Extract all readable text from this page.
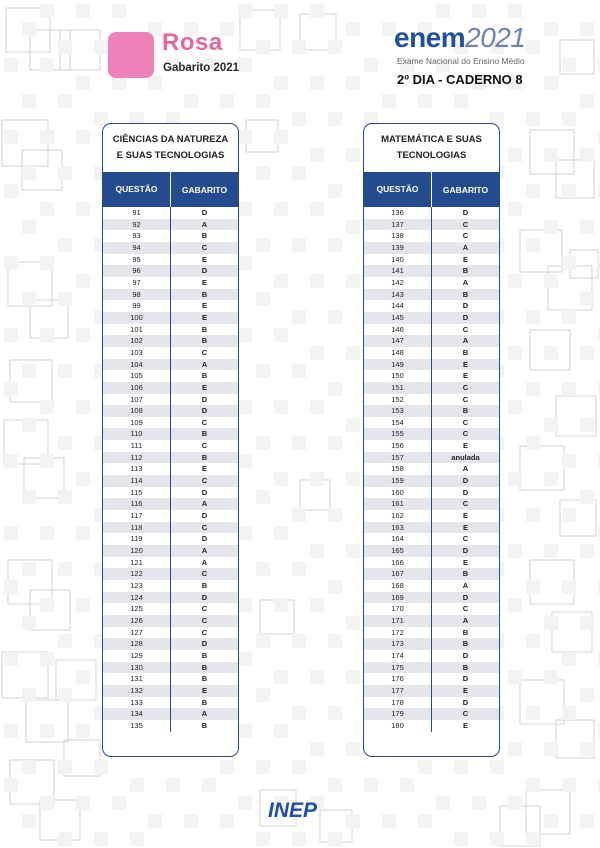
Rosa
Gabarito 2021
enem2021
Exame Nacional do Ensino Médio
2º DIA - CADERNO 8
CIÊNCIAS DA NATUREZA
E SUAS TECNOLOGIAS
QUESTÃO	GABARITO
91	D
92	A
93	B
94	C
95	E
96	D
97	E
98	B
99	E
100	E
101	B
102	B
103	C
104	A
105	B
106	E
107	D
108	D
109	C
110	B
111	C
112	B
113	E
114	C
115	D
116	A
117	D
118	C
119	D
120	A
121	A
122	C
123	B
124	D
125	C
126	C
127	C
128	D
129	B
130	B
131	B
132	E
133	B
134	A
135	B
MATEMÁTICA E SUAS
TECNOLOGIAS
QUESTÃO	GABARITO
136	D
137	C
138	C
139	A
140	E
141	B
142	A
143	B
144	D
145	D
146	C
147	A
148	B
149	E
150	E
151	C
152	C
153	B
154	C
155	C
156	E
157	anulada
158	A
159	D
160	D
161	C
162	E
163	E
164	C
165	D
166	E
167	B
168	A
169	D
170	C
171	A
172	B
173	B
174	D
175	B
176	D
177	E
178	D
179	C
180	E
INEP
